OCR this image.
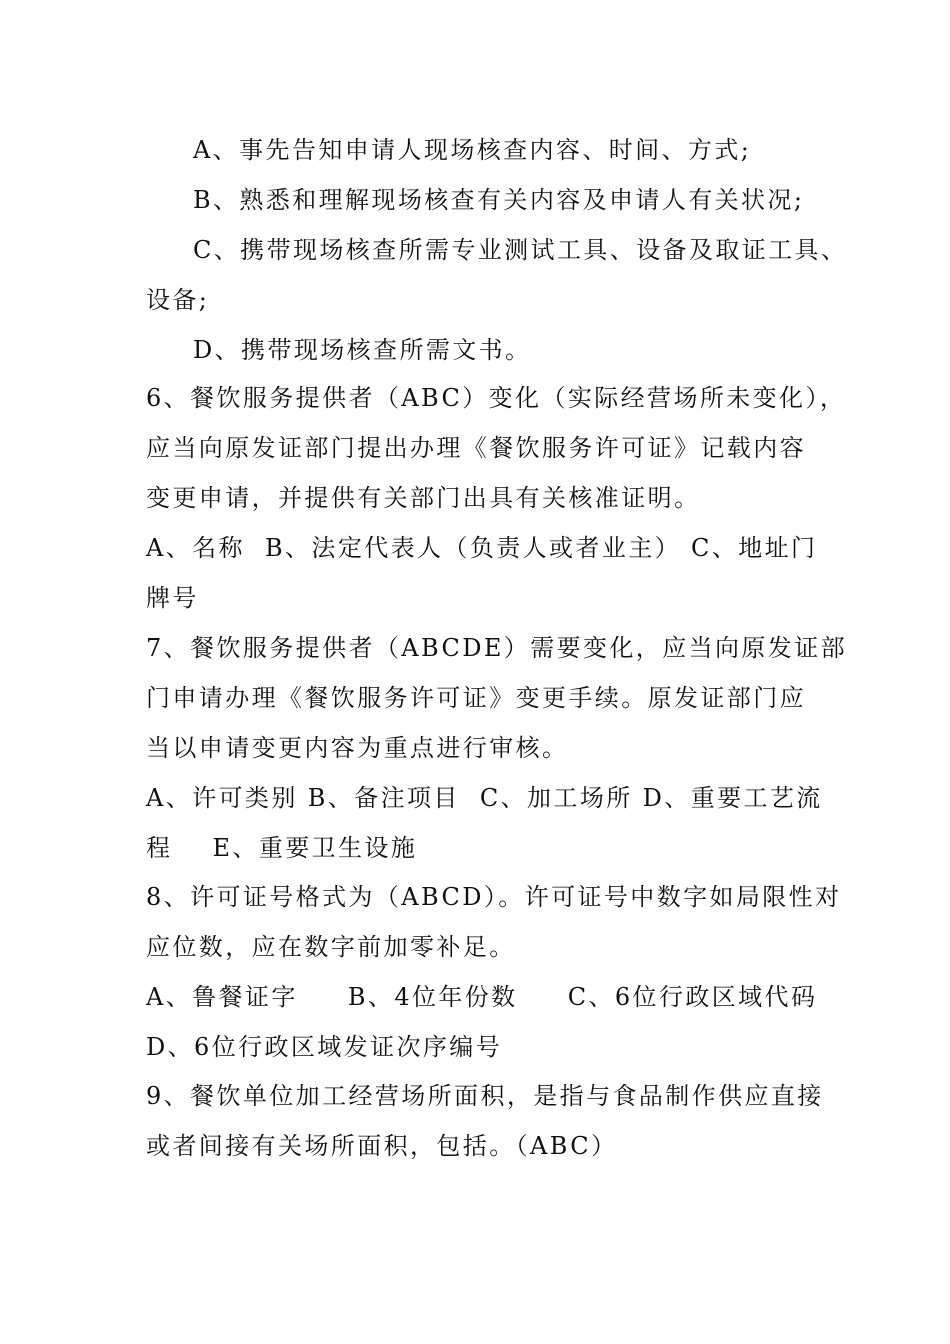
A、事先告知申请人现场核查内容、时间、方式;
B、熟悉和理解现场核查有关内容及申请人有关状况;
C、携带现场核查所需专业测试工具、设备及取证工具、
设备;
D、携带现场核查所需文书。
6、餐饮服务提供者（ABC）变化（实际经营场所未变化），
应当向原发证部门提出办理《餐饮服务许可证》记载内容
变更申请，并提供有关部门出具有关核准证明。
A、名称  B、法定代表人（负责人或者业主） C、地址门
牌号
7、餐饮服务提供者（ABCDE）需要变化，应当向原发证部
门申请办理《餐饮服务许可证》变更手续。原发证部门应
当以申请变更内容为重点进行审核。
A、许可类别 B、备注项目  C、加工场所 D、重要工艺流
程    E、重要卫生设施
8、许可证号格式为（ABCD）。许可证号中数字如局限性对
应位数，应在数字前加零补足。
A、鲁餐证字     B、4位年份数     C、6位行政区域代码
D、6位行政区域发证次序编号
9、餐饮单位加工经营场所面积，是指与食品制作供应直接
或者间接有关场所面积，包括。（ABC）
